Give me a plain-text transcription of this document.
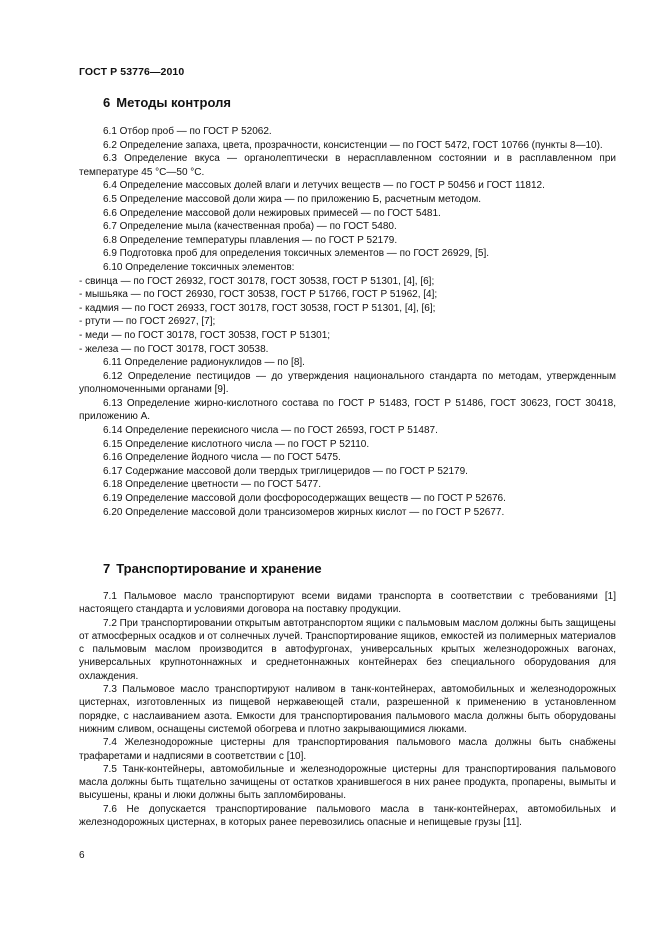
ГОСТ Р 53776—2010
6 Методы контроля

6.1 Отбор проб — по ГОСТ Р 52062.

6.2 Определение запаха, цвета, прозрачности, консистенции — по ГОСТ 5472, ГОСТ 10766 (пункты 8—10).

6.3 Определение вкуса — органолептически в нерасплавленном состоянии и в расплавленном при температуре 45 °С—50 °С.

6.4 Определение массовых долей влаги и летучих веществ — по ГОСТ Р 50456 и ГОСТ 11812.

6.5 Определение массовой доли жира — по приложению Б, расчетным методом.

6.6 Определение массовой доли нежировых примесей — по ГОСТ 5481.

6.7 Определение мыла (качественная проба) — по ГОСТ 5480.

6.8 Определение температуры плавления — по ГОСТ Р 52179.

6.9 Подготовка проб для определения токсичных элементов — по ГОСТ 26929, [5].

6.10 Определение токсичных элементов:

- свинца — по ГОСТ 26932, ГОСТ 30178, ГОСТ 30538, ГОСТ Р 51301, [4], [6];

- мышьяка — по ГОСТ 26930, ГОСТ 30538, ГОСТ Р 51766, ГОСТ Р 51962, [4];

- кадмия — по ГОСТ 26933, ГОСТ 30178, ГОСТ 30538, ГОСТ Р 51301, [4], [6];

- ртути — по ГОСТ 26927, [7];

- меди — по ГОСТ 30178, ГОСТ 30538, ГОСТ Р 51301;

- железа — по ГОСТ 30178, ГОСТ 30538.

6.11 Определение радионуклидов — по [8].

6.12 Определение пестицидов — до утверждения национального стандарта по методам, утвержденным уполномоченными органами [9].

6.13 Определение жирно-кислотного состава по ГОСТ Р 51483, ГОСТ Р 51486, ГОСТ 30623, ГОСТ 30418, приложению А.

6.14 Определение перекисного числа — по ГОСТ 26593, ГОСТ Р 51487.

6.15 Определение кислотного числа — по ГОСТ Р 52110.

6.16 Определение йодного числа — по ГОСТ 5475.

6.17 Содержание массовой доли твердых триглицеридов — по ГОСТ Р 52179.

6.18 Определение цветности — по ГОСТ 5477.

6.19 Определение массовой доли фосфоросодержащих веществ — по ГОСТ Р 52676.

6.20 Определение массовой доли трансизомеров жирных кислот — по ГОСТ Р 52677.

7 Транспортирование и хранение

7.1 Пальмовое масло транспортируют всеми видами транспорта в соответствии с требованиями [1] настоящего стандарта и условиями договора на поставку продукции.

7.2 При транспортировании открытым автотранспортом ящики с пальмовым маслом должны быть защищены от атмосферных осадков и от солнечных лучей. Транспортирование ящиков, емкостей из полимерных материалов с пальмовым маслом производится в автофургонах, универсальных крытых железнодорожных вагонах, универсальных крупнотоннажных и среднетоннажных контейнерах без специального оборудования для охлаждения.

7.3 Пальмовое масло транспортируют наливом в танк-контейнерах, автомобильных и железнодорожных цистернах, изготовленных из пищевой нержавеющей стали, разрешенной к применению в установленном порядке, с наслаиванием азота. Емкости для транспортирования пальмового масла должны быть оборудованы нижним сливом, оснащены системой обогрева и плотно закрывающимися люками.

7.4 Железнодорожные цистерны для транспортирования пальмового масла должны быть снабжены трафаретами и надписями в соответствии с [10].

7.5 Танк-контейнеры, автомобильные и железнодорожные цистерны для транспортирования пальмового масла должны быть тщательно зачищены от остатков хранившегося в них ранее продукта, пропарены, вымыты и высушены, краны и люки должны быть запломбированы.

7.6 Не допускается транспортирование пальмового масла в танк-контейнерах, автомобильных и железнодорожных цистернах, в которых ранее перевозились опасные и непищевые грузы [11].

6
